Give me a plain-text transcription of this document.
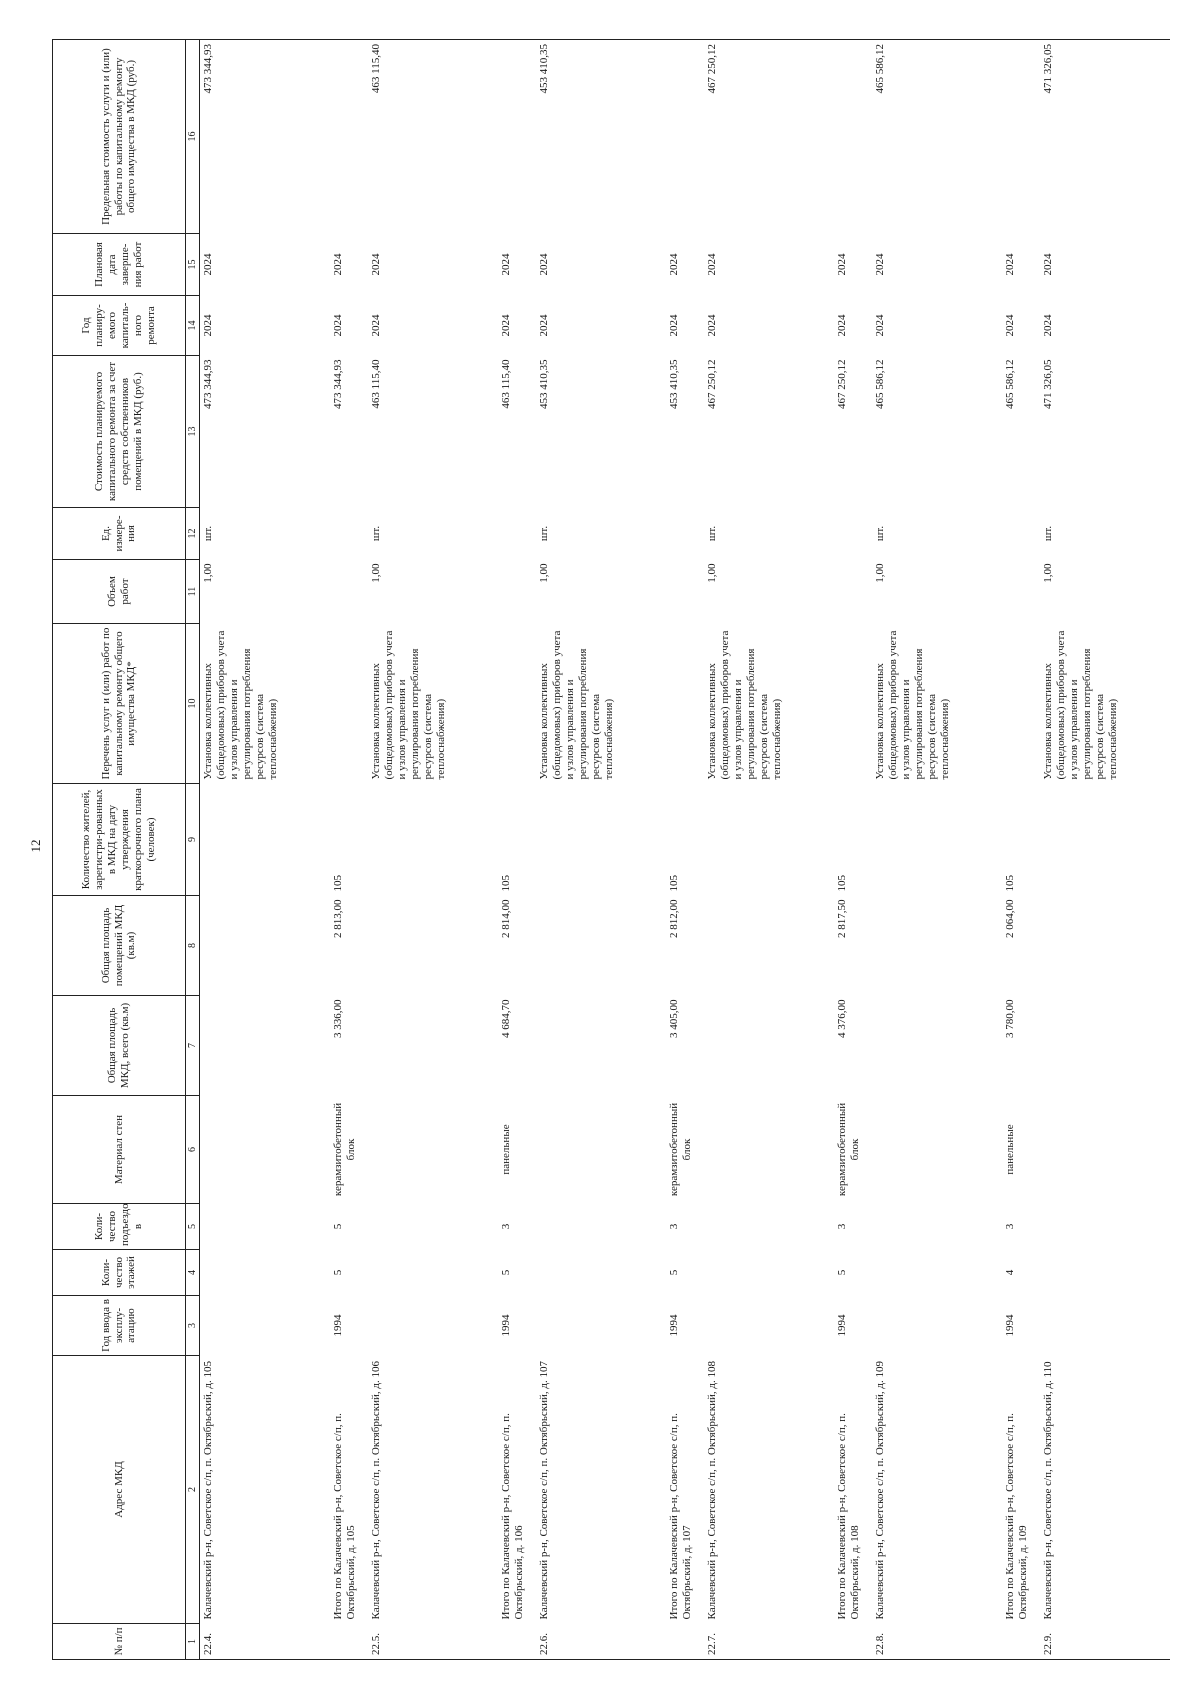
12
№ п/п	Адрес МКД	Год ввода в эксплу-атацию	Коли-чество этажей	Коли-чество подъездо в	Материал стен	Общая площадь МКД, всего (кв.м)	Общая площадь помещений МКД (кв.м)	Количество жителей, зарегистри-рованных в МКД на дату утверждения краткосрочного плана (человек)	Перечень услуг и (или) работ по капитальному ремонту общего имущества МКД*	Объем работ	Ед. измере-ния	Стоимость планируемого капитального ремонта за счет средств собственников помещений в МКД (руб.)	Год планиру-емого капиталь-ного ремонта	Плановая дата заверше-ния работ	Предельная стоимость услуги и (или) работы по капитальному ремонту общего имущества в МКД (руб.)
1	2	3	4	5	6	7	8	9	10	11	12	13	14	15	16
22.4.	Калачевский р-н, Советское с/п, п. Октябрьский, д. 105								Установка коллективных (общедомовых) приборов учета и узлов управления и регулирования потребления ресурсов (система теплоснабжения)	1,00	шт.	473 344,93	2024	2024	473 344,93
	Итого по Калачевский р-н, Советское с/п, п. Октябрьский, д. 105	1994	5	5	керамзитобетонный блок	3 336,00	2 813,00	105				473 344,93	2024	2024	
22.5.	Калачевский р-н, Советское с/п, п. Октябрьский, д. 106								Установка коллективных (общедомовых) приборов учета и узлов управления и регулирования потребления ресурсов (система теплоснабжения)	1,00	шт.	463 115,40	2024	2024	463 115,40
	Итого по Калачевский р-н, Советское с/п, п. Октябрьский, д. 106	1994	5	3	панельные	4 684,70	2 814,00	105				463 115,40	2024	2024	
22.6.	Калачевский р-н, Советское с/п, п. Октябрьский, д. 107								Установка коллективных (общедомовых) приборов учета и узлов управления и регулирования потребления ресурсов (система теплоснабжения)	1,00	шт.	453 410,35	2024	2024	453 410,35
	Итого по Калачевский р-н, Советское с/п, п. Октябрьский, д. 107	1994	5	3	керамзитобетонный блок	3 405,00	2 812,00	105				453 410,35	2024	2024	
22.7.	Калачевский р-н, Советское с/п, п. Октябрьский, д. 108								Установка коллективных (общедомовых) приборов учета и узлов управления и регулирования потребления ресурсов (система теплоснабжения)	1,00	шт.	467 250,12	2024	2024	467 250,12
	Итого по Калачевский р-н, Советское с/п, п. Октябрьский, д. 108	1994	5	3	керамзитобетонный блок	4 376,00	2 817,50	105				467 250,12	2024	2024	
22.8.	Калачевский р-н, Советское с/п, п. Октябрьский, д. 109								Установка коллективных (общедомовых) приборов учета и узлов управления и регулирования потребления ресурсов (система теплоснабжения)	1,00	шт.	465 586,12	2024	2024	465 586,12
	Итого по Калачевский р-н, Советское с/п, п. Октябрьский, д. 109	1994	4	3	панельные	3 780,00	2 064,00	105				465 586,12	2024	2024	
22.9.	Калачевский р-н, Советское с/п, п. Октябрьский, д. 110								Установка коллективных (общедомовых) приборов учета и узлов управления и регулирования потребления ресурсов (система теплоснабжения)	1,00	шт.	471 326,05	2024	2024	471 326,05
